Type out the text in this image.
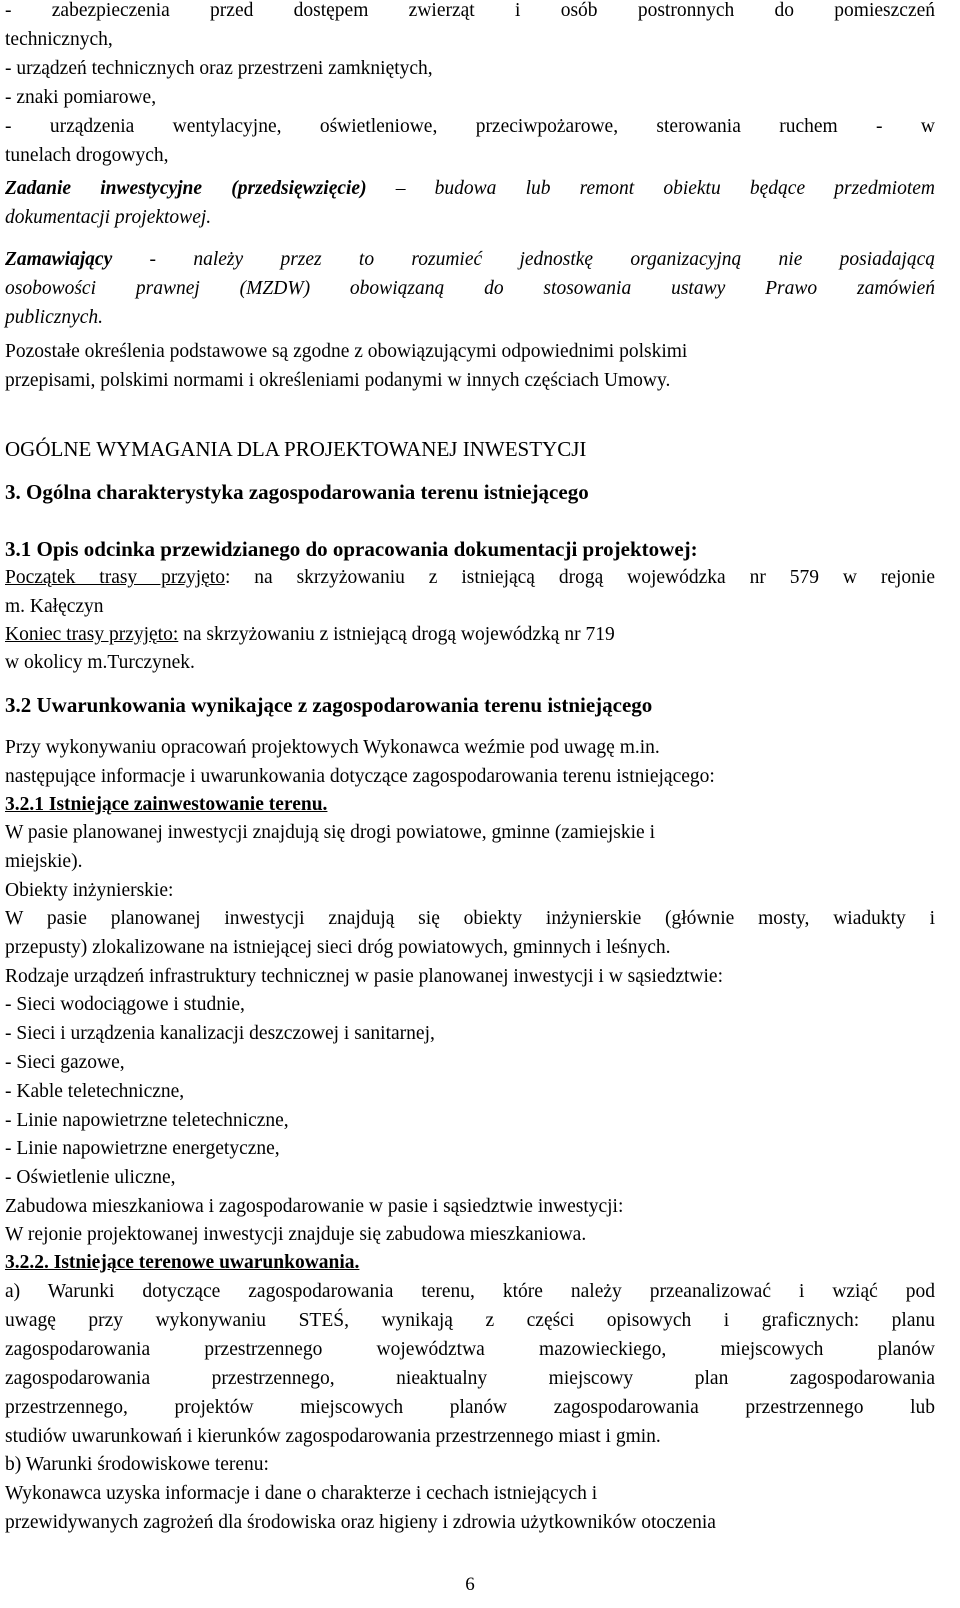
- zabezpieczenia przed dostępem zwierząt i osób postronnych do pomieszczeń

technicznych,

- urządzeń technicznych oraz przestrzeni zamkniętych,

- znaki pomiarowe,

- urządzenia wentylacyjne, oświetleniowe, przeciwpożarowe, sterowania ruchem - w

tunelach drogowych,

Zadanie inwestycyjne (przedsięwzięcie) – budowa lub remont obiektu będące przedmiotem

dokumentacji projektowej.

Zamawiający - należy przez to rozumieć jednostkę organizacyjną nie posiadającą

osobowości prawnej (MZDW) obowiązaną do stosowania ustawy Prawo zamówień

publicznych.

Pozostałe określenia podstawowe są zgodne z obowiązującymi odpowiednimi polskimi

przepisami, polskimi normami i określeniami podanymi w innych częściach Umowy.

OGÓLNE WYMAGANIA DLA PROJEKTOWANEJ INWESTYCJI

3. Ogólna charakterystyka zagospodarowania terenu istniejącego

3.1 Opis odcinka przewidzianego do opracowania dokumentacji projektowej:

Początek trasy przyjęto: na skrzyżowaniu z istniejącą drogą wojewódzka nr 579 w rejonie

m. Kałęczyn

Koniec trasy przyjęto: na skrzyżowaniu z istniejącą drogą wojewódzką nr 719

w okolicy m.Turczynek.

3.2 Uwarunkowania wynikające z zagospodarowania terenu istniejącego

Przy wykonywaniu opracowań projektowych Wykonawca weźmie pod uwagę m.in.

następujące informacje i uwarunkowania dotyczące zagospodarowania terenu istniejącego:

3.2.1 Istniejące zainwestowanie terenu.

W pasie planowanej inwestycji znajdują się drogi powiatowe, gminne (zamiejskie i

miejskie).

Obiekty inżynierskie:

W pasie planowanej inwestycji znajdują się obiekty inżynierskie (głównie mosty, wiadukty i

przepusty) zlokalizowane na istniejącej sieci dróg powiatowych, gminnych i leśnych.

Rodzaje urządzeń infrastruktury technicznej w pasie planowanej inwestycji i w sąsiedztwie:

- Sieci wodociągowe i studnie,

- Sieci i urządzenia kanalizacji deszczowej i sanitarnej,

- Sieci gazowe,

- Kable teletechniczne,

- Linie napowietrzne teletechniczne,

- Linie napowietrzne energetyczne,

- Oświetlenie uliczne,

Zabudowa mieszkaniowa i zagospodarowanie w pasie i sąsiedztwie inwestycji:

W rejonie projektowanej inwestycji znajduje się zabudowa mieszkaniowa.

3.2.2. Istniejące terenowe uwarunkowania.

a) Warunki dotyczące zagospodarowania terenu, które należy przeanalizować i wziąć pod

uwagę przy wykonywaniu STEŚ, wynikają z części opisowych i graficznych: planu

zagospodarowania przestrzennego województwa mazowieckiego, miejscowych planów

zagospodarowania przestrzennego, nieaktualny miejscowy plan zagospodarowania

przestrzennego, projektów miejscowych planów zagospodarowania przestrzennego lub

studiów uwarunkowań i kierunków zagospodarowania przestrzennego miast i gmin.

b) Warunki środowiskowe terenu:

Wykonawca uzyska informacje i dane o charakterze i cechach istniejących i

przewidywanych zagrożeń dla środowiska oraz higieny i zdrowia użytkowników otoczenia

6
